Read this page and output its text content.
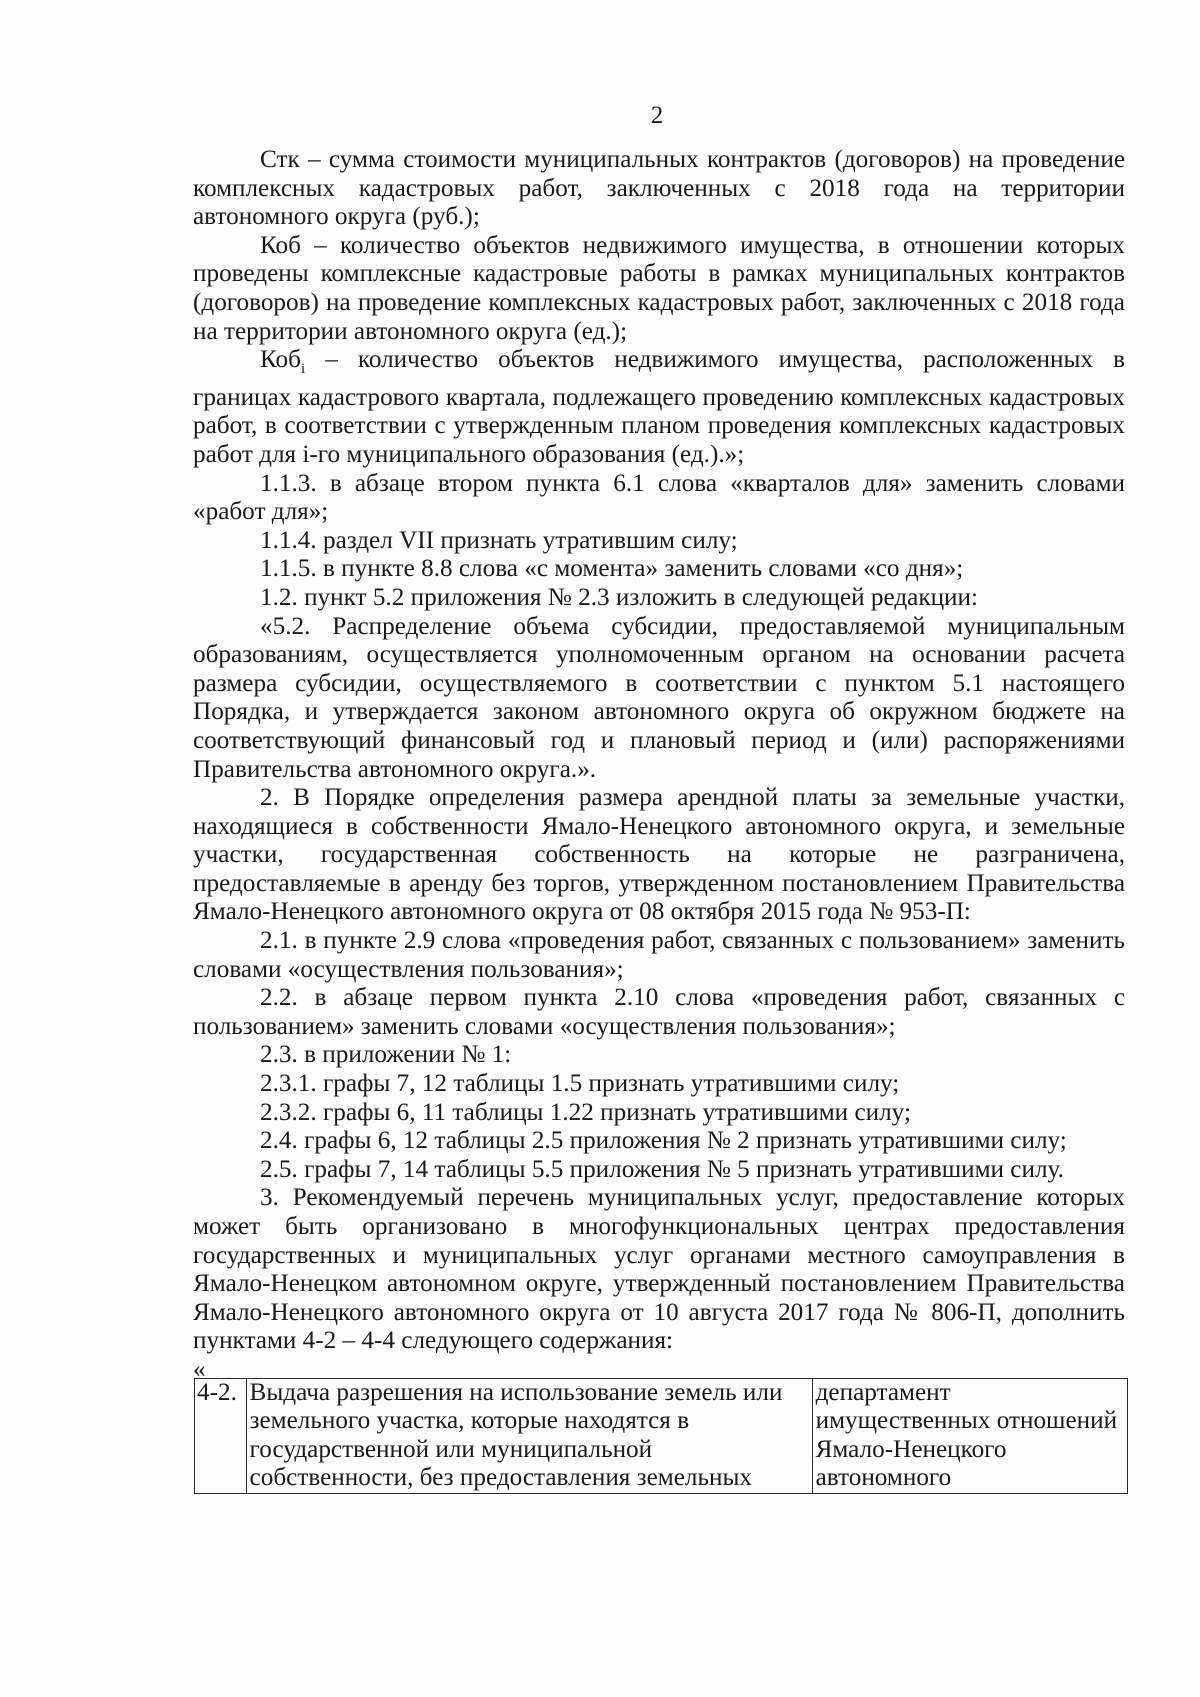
2

Стк – сумма стоимости муниципальных контрактов (договоров) на проведение комплексных кадастровых работ, заключенных с 2018 года на территории автономного округа (руб.);

Коб – количество объектов недвижимого имущества, в отношении которых проведены комплексные кадастровые работы в рамках муниципальных контрактов (договоров) на проведение комплексных кадастровых работ, заключенных с 2018 года на территории автономного округа (ед.);

Коб$_i$ – количество объектов недвижимого имущества, расположенных в границах кадастрового квартала, подлежащего проведению комплексных кадастровых работ, в соответствии с утвержденным планом проведения комплексных кадастровых работ для i-го муниципального образования (ед.).»;

1.1.3. в абзаце втором пункта 6.1 слова «кварталов для» заменить словами «работ для»;

1.1.4. раздел VII признать утратившим силу;

1.1.5. в пункте 8.8 слова «с момента» заменить словами «со дня»;

1.2. пункт 5.2 приложения № 2.3 изложить в следующей редакции:

«5.2. Распределение объема субсидии, предоставляемой муниципальным образованиям, осуществляется уполномоченным органом на основании расчета размера субсидии, осуществляемого в соответствии с пунктом 5.1 настоящего Порядка, и утверждается законом автономного округа об окружном бюджете на соответствующий финансовый год и плановый период и (или) распоряжениями Правительства автономного округа.».

2. В Порядке определения размера арендной платы за земельные участки, находящиеся в собственности Ямало-Ненецкого автономного округа, и земельные участки, государственная собственность на которые не разграничена, предоставляемые в аренду без торгов, утвержденном постановлением Правительства Ямало-Ненецкого автономного округа от 08 октября 2015 года № 953-П:

2.1. в пункте 2.9 слова «проведения работ, связанных с пользованием» заменить словами «осуществления пользования»;

2.2. в абзаце первом пункта 2.10 слова «проведения работ, связанных с пользованием» заменить словами «осуществления пользования»;

2.3. в приложении № 1:

2.3.1. графы 7, 12 таблицы 1.5 признать утратившими силу;

2.3.2. графы 6, 11 таблицы 1.22 признать утратившими силу;

2.4. графы 6, 12 таблицы 2.5 приложения № 2 признать утратившими силу;

2.5. графы 7, 14 таблицы 5.5 приложения № 5 признать утратившими силу.

3. Рекомендуемый перечень муниципальных услуг, предоставление которых может быть организовано в многофункциональных центрах предоставления государственных и муниципальных услуг органами местного самоуправления в Ямало-Ненецком автономном округе, утвержденный постановлением Правительства Ямало-Ненецкого автономного округа от 10 августа 2017 года № 806-П, дополнить пунктами 4-2 – 4-4 следующего содержания:

«
4-2.	Выдача разрешения на использование земель или земельного участка, которые находятся в государственной или муниципальной собственности, без предоставления земельных	департамент имущественных отношений Ямало-Ненецкого автономного
